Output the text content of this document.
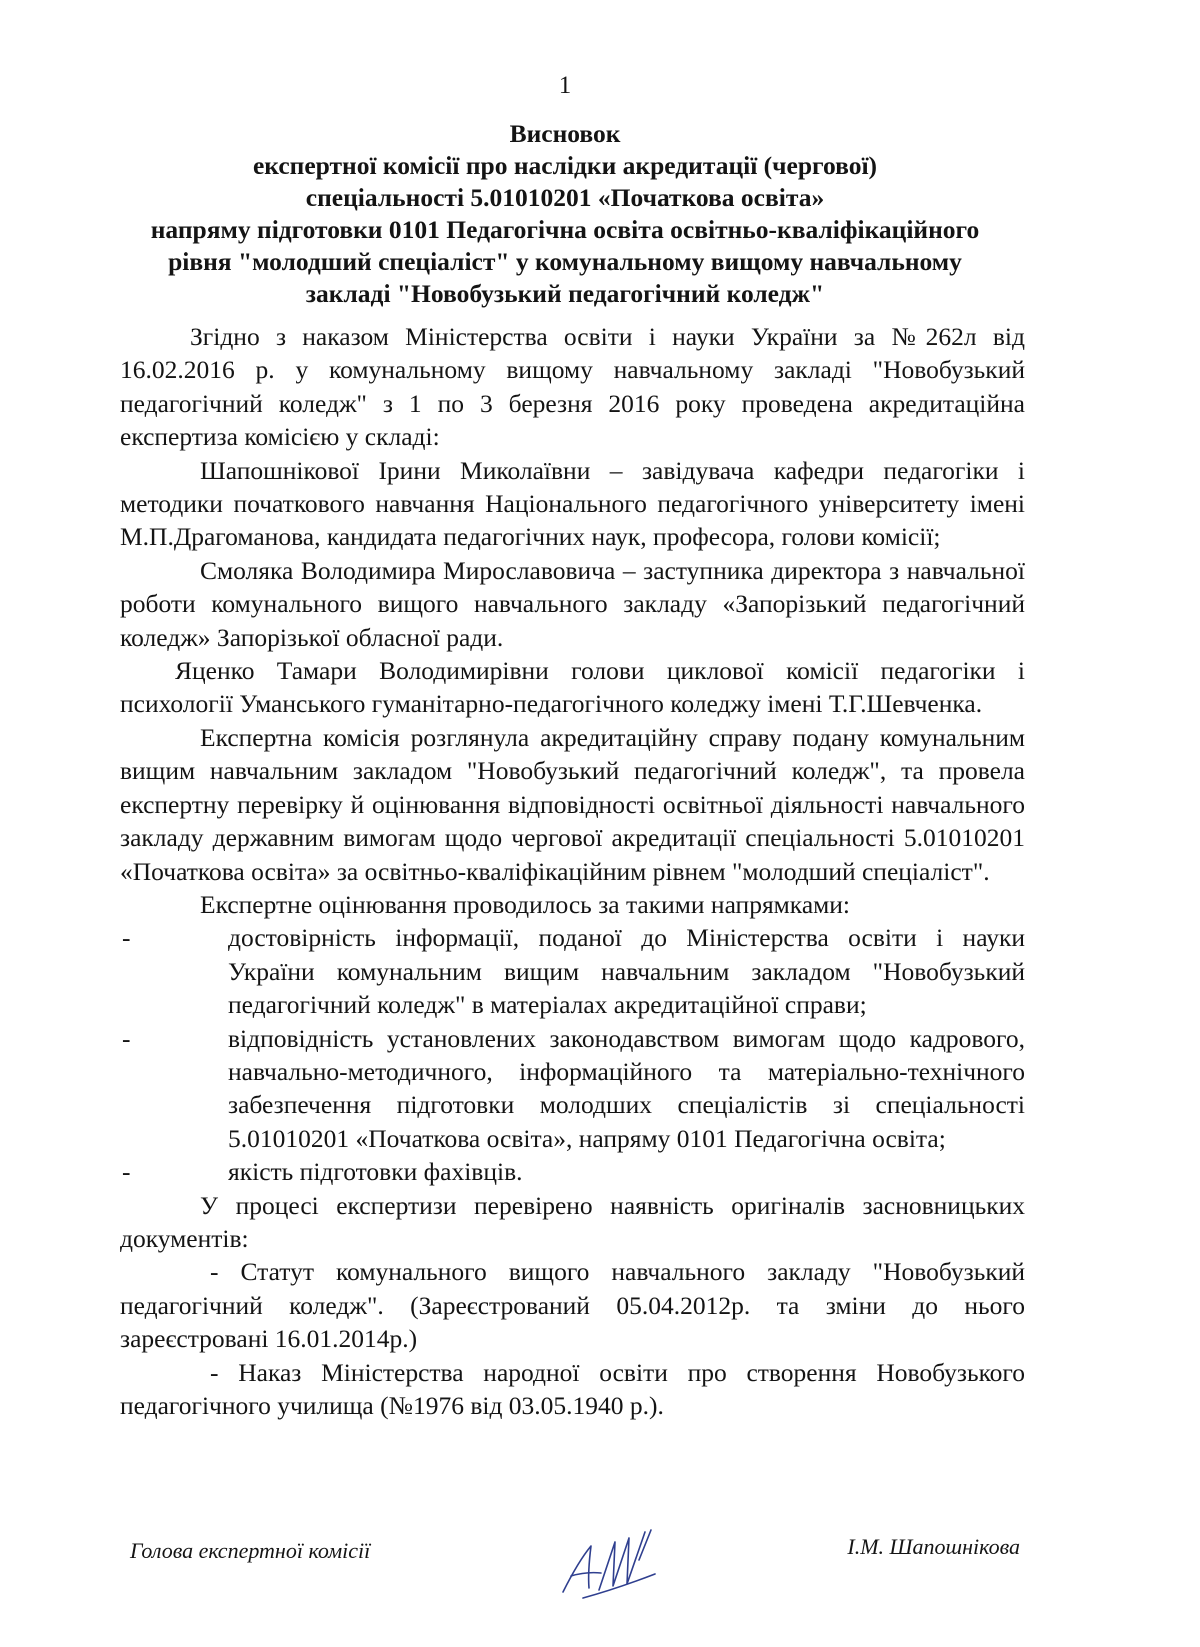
1
Висновок
експертної комісії про наслідки акредитації (чергової)
спеціальності 5.01010201 «Початкова освіта»
напряму підготовки 0101 Педагогічна освіта освітньо-кваліфікаційного
рівня "молодший спеціаліст" у комунальному вищому навчальному
закладі "Новобузький педагогічний коледж"

Згідно з наказом Міністерства освіти і науки України за №262л від 16.02.2016 р. у комунальному вищому навчальному закладі "Новобузький педагогічний коледж" з 1 по 3 березня 2016 року проведена акредитаційна експертиза комісією у складі:

Шапошнікової Ірини Миколаївни – завідувача кафедри педагогіки і методики початкового навчання Національного педагогічного університету імені М.П.Драгоманова, кандидата педагогічних наук, професора, голови комісії;

Смоляка Володимира Мирославовича – заступника директора з навчальної роботи комунального вищого навчального закладу «Запорізький педагогічний коледж» Запорізької обласної ради.

Яценко Тамари Володимирівни голови циклової комісії педагогіки і психології Уманського гуманітарно-педагогічного коледжу імені Т.Г.Шевченка.

Експертна комісія розглянула акредитаційну справу подану комунальним вищим навчальним закладом "Новобузький педагогічний коледж", та провела експертну перевірку й оцінювання відповідності освітньої діяльності навчального закладу державним вимогам щодо чергової акредитації спеціальності 5.01010201 «Початкова освіта» за освітньо-кваліфікаційним рівнем "молодший спеціаліст".

Експертне оцінювання проводилось за такими напрямками:

-	достовірність інформації, поданої до Міністерства освіти і науки України комунальним вищим навчальним закладом "Новобузький педагогічний коледж" в матеріалах акредитаційної справи;
-	відповідність установлених законодавством вимогам щодо кадрового, навчально-методичного, інформаційного та матеріально-технічного забезпечення підготовки молодших спеціалістів зі спеціальності 5.01010201 «Початкова освіта», напряму 0101 Педагогічна освіта;
-	якість підготовки фахівців.

У процесі експертизи перевірено наявність оригіналів засновницьких документів:

- Статут комунального вищого навчального закладу "Новобузький педагогічний коледж". (Зареєстрований 05.04.2012р. та зміни до нього зареєстровані 16.01.2014р.)

- Наказ Міністерства народної освіти про створення Новобузького педагогічного училища (№1976 від 03.05.1940 р.).

Голова експертної комісії	І.М. Шапошнікова
